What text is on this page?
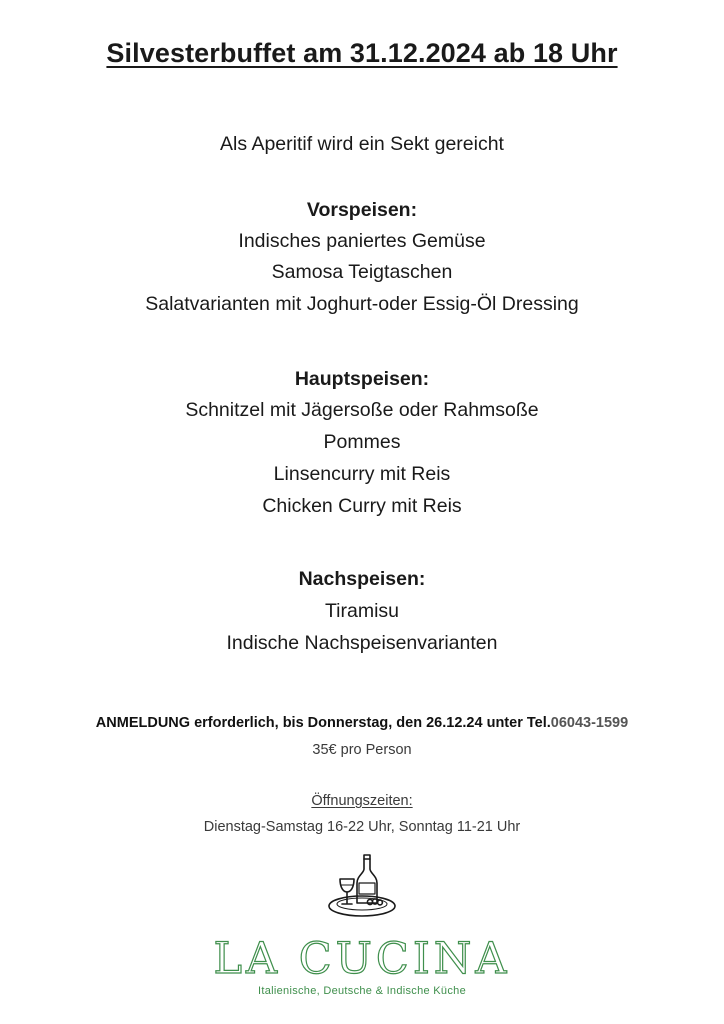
Silvesterbuffet am 31.12.2024 ab 18 Uhr
Als Aperitif wird ein Sekt gereicht
Vorspeisen:
Indisches paniertes Gemüse
Samosa Teigtaschen
Salatvarianten mit Joghurt-oder Essig-Öl Dressing
Hauptspeisen:
Schnitzel mit Jägersoße oder Rahmsoße
Pommes
Linsencurry mit Reis
Chicken Curry mit Reis
Nachspeisen:
Tiramisu
Indische Nachspeisenvarianten
ANMELDUNG erforderlich, bis Donnerstag, den 26.12.24 unter Tel.06043-1599
35€ pro Person
Öffnungszeiten:
Dienstag-Samstag 16-22 Uhr, Sonntag 11-21 Uhr
LA CUCINA
Italienische, Deutsche & Indische Küche
